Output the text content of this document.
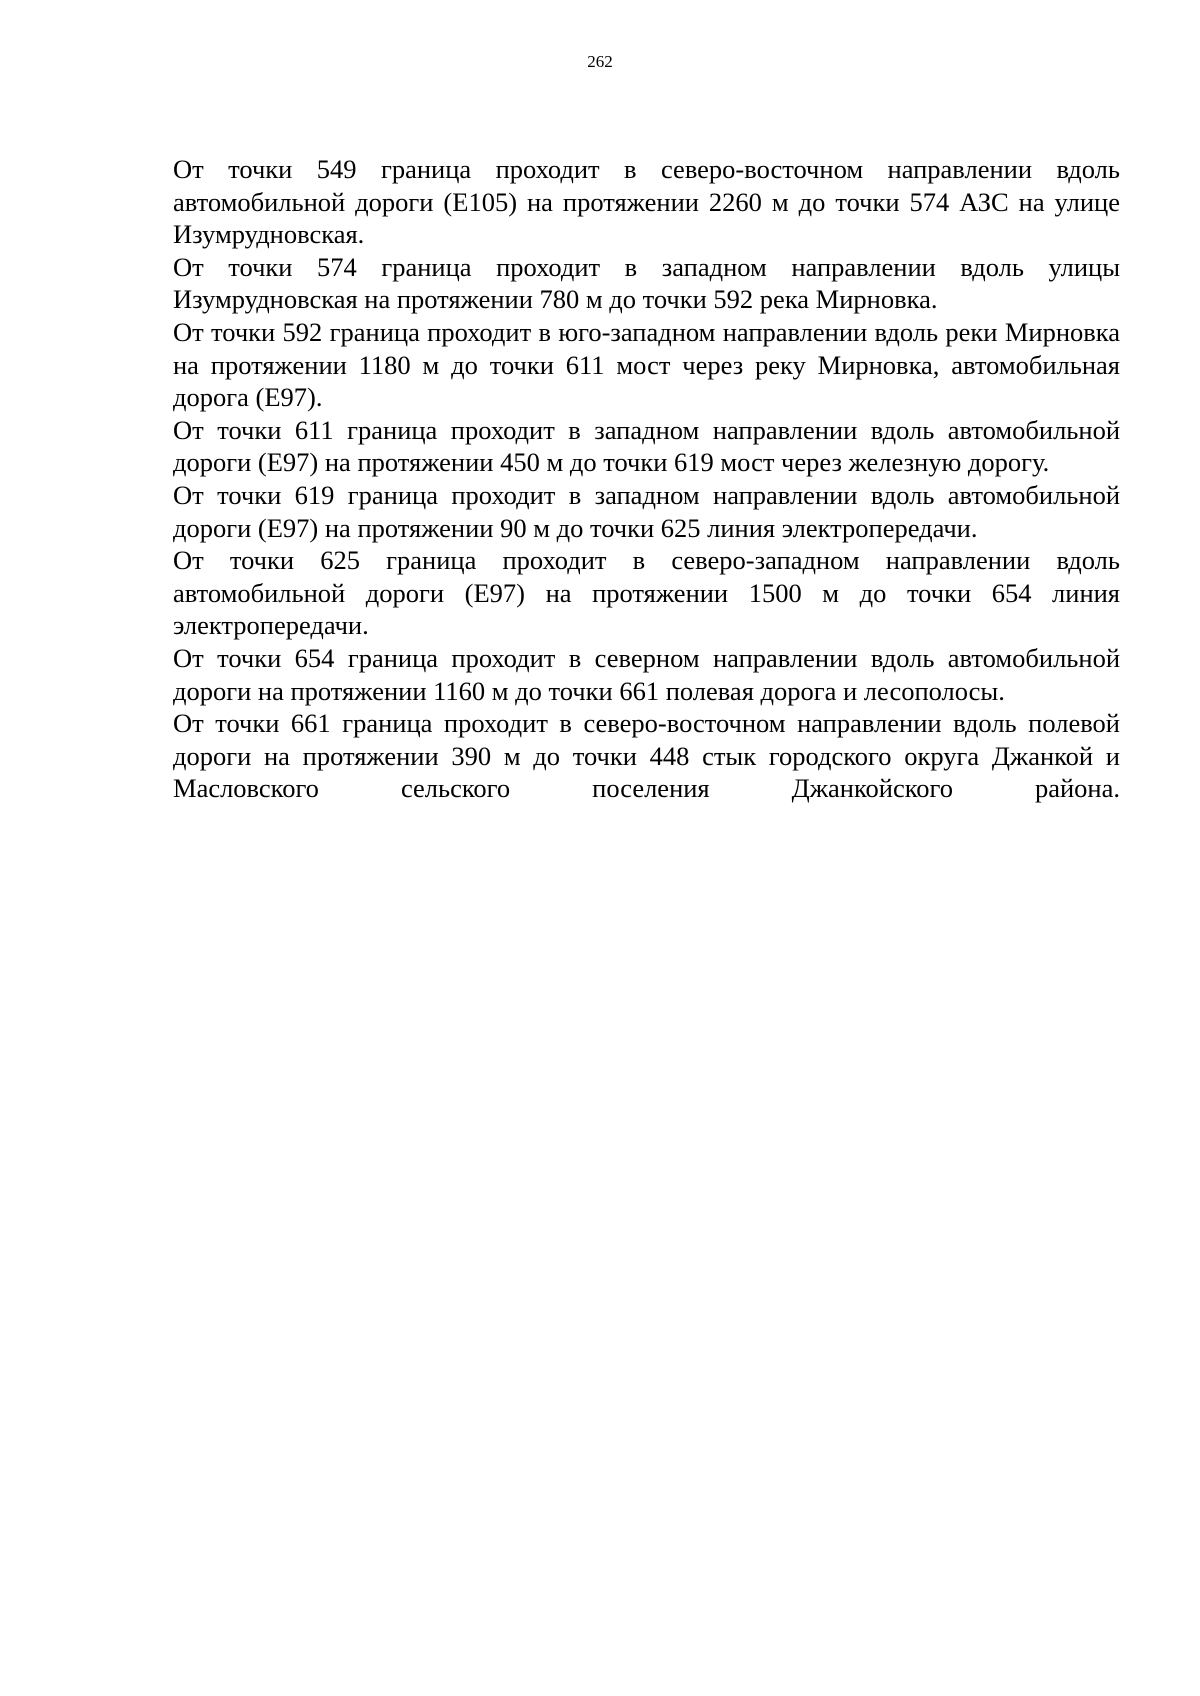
262

От точки 549 граница проходит в северо-восточном направлении вдоль автомобильной дороги (Е105) на протяжении 2260 м до точки 574 АЗС на улице Изумрудновская.

От точки 574 граница проходит в западном направлении вдоль улицы Изумрудновская на протяжении 780 м до точки 592 река Мирновка.

От точки 592 граница проходит в юго-западном направлении вдоль реки Мирновка на протяжении 1180 м до точки 611 мост через реку Мирновка, автомобильная дорога (Е97).

От точки 611 граница проходит в западном направлении вдоль автомобильной дороги (Е97) на протяжении 450 м до точки 619 мост через железную дорогу.

От точки 619 граница проходит в западном направлении вдоль автомобильной дороги (Е97) на протяжении 90 м до точки 625 линия электропередачи.

От точки 625 граница проходит в северо-западном направлении вдоль автомобильной дороги (Е97) на протяжении 1500 м до точки 654 линия электропередачи.

От точки 654 граница проходит в северном направлении вдоль автомобильной дороги на протяжении 1160 м до точки 661 полевая дорога и лесополосы.

От точки 661 граница проходит в северо-восточном направлении вдоль полевой дороги на протяжении 390 м до точки 448 стык городского округа Джанкой и Масловского сельского поселения Джанкойского района.
